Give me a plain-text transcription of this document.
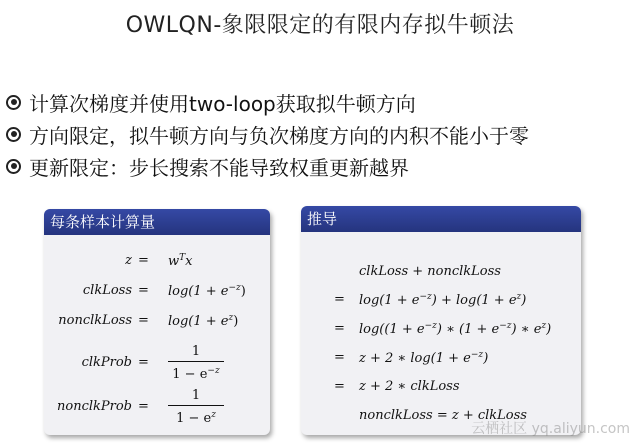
OWLQN-象限限定的有限内存拟牛顿法
计算次梯度并使用two-loop获取拟牛顿方向
方向限定，拟牛顿方向与负次梯度方向的内积不能小于零
更新限定：步长搜索不能导致权重更新越界
每条样本计算量
$z = w^Tx$
clkLoss = $\log(1 + e^{-z})$
nonclkLoss = $\log(1 + e^z)$
clkProb =
1
$1 - e^{-z}$
nonclkProb =
1
$1 - e^z$
推导
clkLoss + nonclkLoss
= $\log(1 + e^{-z}) + \log(1 + e^z)$
= $\log((1 + e^{-z})$ ∗ $(1 + e^{-z})$ ∗ $e^z$)
= z + 2 ∗ $\log(1 + e^{-z})$
= z + 2 ∗ clkLoss
nonclkLoss = z + clkLoss
云栖社区 yq.aliyun.com
